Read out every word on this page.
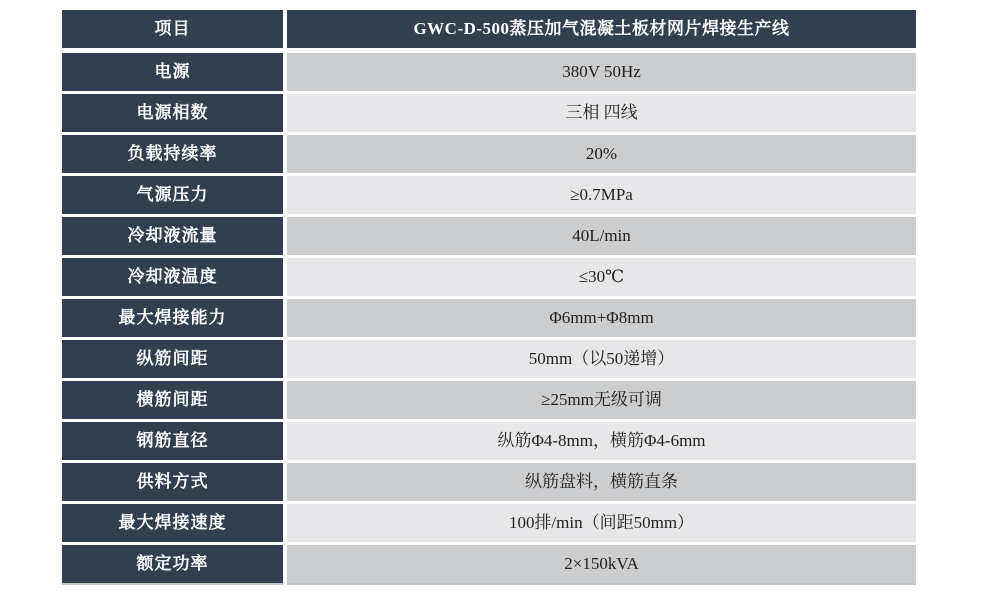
项目	GWC-D-500蒸压加气混凝土板材网片焊接生产线
电源	380V 50Hz
电源相数	三相 四线
负载持续率	20%
气源压力	≥0.7MPa
冷却液流量	40L/min
冷却液温度	≤30℃
最大焊接能力	Φ6mm+Φ8mm
纵筋间距	50mm（以50递增）
横筋间距	≥25mm无级可调
钢筋直径	纵筋Φ4-8mm，横筋Φ4-6mm
供料方式	纵筋盘料，横筋直条
最大焊接速度	100排/min（间距50mm）
额定功率	2×150kVA
